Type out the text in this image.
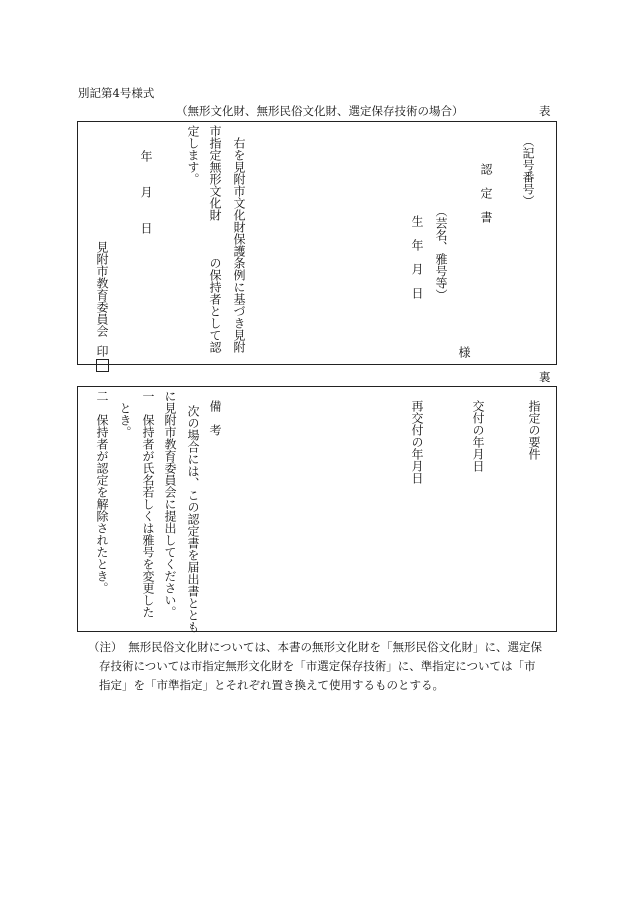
別記第4号様式
（無形文化財、無形民俗文化財、選定保存技術の場合）	表
（記号番号）
認　定　書
（芸名、雅号等）
様
生　年　月　日
右を見附市文化財保護条例に基づき見附
市指定無形文化財　　　の保持者として認
定します。
年　　月　　日
見附市教育委員会
印
裏
指定の要件
交付の年月日
再交付の年月日
備　考
次の場合には、この認定書を届出書ととも
に見附市教育委員会に提出してください。
一　保持者が氏名若しくは雅号を変更した
とき。
二　保持者が認定を解除されたとき。
（注）　無形民俗文化財については、本書の無形文化財を「無形民俗文化財」に、選定保
存技術については市指定無形文化財を「市選定保存技術」に、準指定については「市
指定」を「市準指定」とそれぞれ置き換えて使用するものとする。
